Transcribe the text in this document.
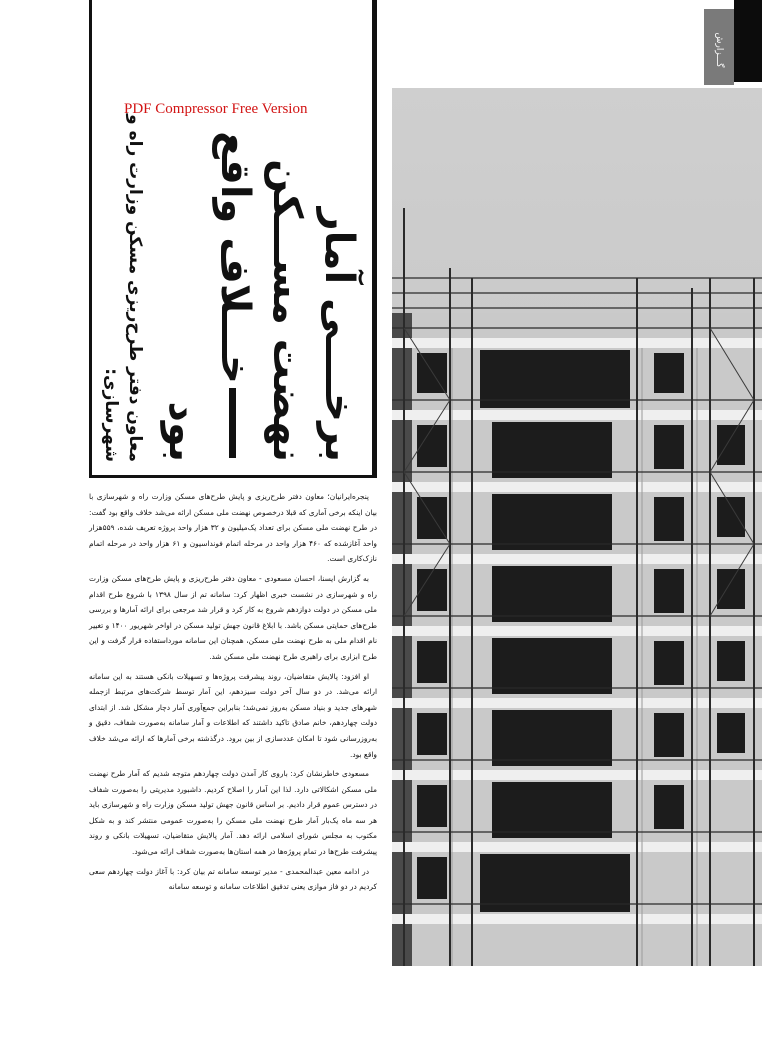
برخــــی آمار نهضت مســـکن

خـــلاف واقع بود

معاون دفتر طرح‌ریزی مسکن وزارت راه و شهرسازی:

PDF Compressor Free Version
گـــزارش

پنجره‌ایرانیان؛ معاون دفتر طرح‌ریزی و پایش طرح‌های مسکن وزارت راه و شهرسازی با بیان اینکه برخی آماری که قبلا درخصوص نهضت ملی مسکن ارائه می‌شد خلاف واقع بود گفت: در طرح نهضت ملی مسکن برای تعداد یک‌میلیون و ۳۲ هزار واحد پروژه تعریف شده، ۵۵۹هزار واحد آغازشده که ۴۶۰ هزار واحد در مرحله اتمام فونداسیون و ۶۱ هزار واحد در مرحله اتمام نازک‌کاری است.

به گزارش ایسنا، احسان مسعودی - معاون دفتر طرح‌ریزی و پایش طرح‌های مسکن وزارت راه و شهرسازی در نشست خبری اظهار کرد: سامانه تم از سال ۱۳۹۸ با شروع طرح اقدام ملی مسکن در دولت دوازدهم شروع به کار کرد و قرار شد مرجعی برای ارائه آمارها و بررسی طرح‌های حمایتی مسکن باشد. با ابلاغ قانون جهش تولید مسکن در اواخر شهریور ۱۴۰۰ و تغییر نام اقدام ملی به طرح نهضت ملی مسکن، همچنان این سامانه مورداستفاده قرار گرفت و این طرح ابزاری برای راهبری طرح نهضت ملی مسکن شد.

او افزود: پالایش متقاضیان، روند پیشرفت پروژه‌ها و تسهیلات بانکی هستند به این سامانه ارائه می‌شد. در دو سال آخر دولت سیزدهم، این آمار توسط شرکت‌های مرتبط ازجمله شهرهای جدید و بنیاد مسکن به‌روز نمی‌شد؛ بنابراین جمع‌آوری آمار دچار مشکل شد. از ابتدای دولت چهاردهم، خانم صادق تاکید داشتند که اطلاعات و آمار سامانه به‌صورت شفاف، دقیق و به‌روزرسانی شود تا امکان عددسازی از بین برود. درگذشته برخی آمارها که ارائه می‌شد خلاف واقع بود.

مسعودی خاطرنشان کرد: باروی کار آمدن دولت چهاردهم متوجه شدیم که آمار طرح نهضت ملی مسکن اشکالاتی دارد. لذا این آمار را اصلاح کردیم. داشبورد مدیریتی را به‌صورت شفاف در دسترس عموم قرار دادیم. بر اساس قانون جهش تولید مسکن وزارت راه و شهرسازی باید هر سه ماه یک‌بار آمار طرح نهضت ملی مسکن را به‌صورت عمومی منتشر کند و به شکل مکتوب به مجلس شورای اسلامی ارائه دهد. آمار پالایش متقاضیان، تسهیلات بانکی و روند پیشرفت طرح‌ها در تمام پروژه‌ها در همه استان‌ها به‌صورت شفاف ارائه می‌شود.

در ادامه معین عبدالمحمدی - مدیر توسعه سامانه تم بیان کرد: با آغاز دولت چهاردهم سعی کردیم در دو فاز موازی یعنی تدقیق اطلاعات سامانه و توسعه سامانه
